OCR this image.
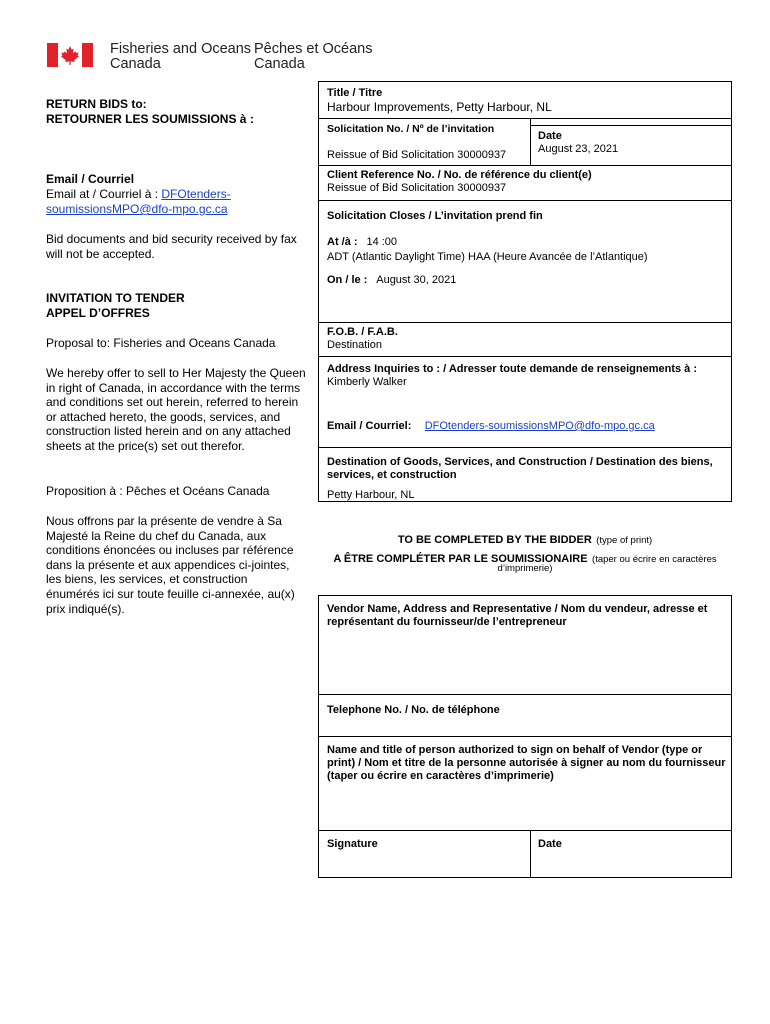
Fisheries and Oceans
Canada
Pêches et Océans
Canada
RETURN BIDS to:
RETOURNER LES SOUMISSIONS à :
Email / Courriel
Email at / Courriel à : DFOtenders-
soumissionsMPO@dfo-mpo.gc.ca
Bid documents and bid security received by fax will not be accepted.
INVITATION TO TENDER
APPEL D’OFFRES
Proposal to: Fisheries and Oceans Canada
We hereby offer to sell to Her Majesty the Queen in right of Canada, in accordance with the terms and conditions set out herein, referred to herein or attached hereto, the goods, services, and construction listed herein and on any attached sheets at the price(s) set out therefor.
Proposition à : Pêches et Océans Canada
Nous offrons par la présente de vendre à Sa Majesté la Reine du chef du Canada, aux conditions énoncées ou incluses par référence dans la présente et aux appendices ci-jointes, les biens, les services, et construction énumérés ici sur toute feuille ci-annexée, au(x) prix indiqué(s).
Title / Titre
Harbour Improvements, Petty Harbour, NL
Solicitation No. / Nº de l’invitation
Reissue of Bid Solicitation 30000937
Date
August 23, 2021
Client Reference No. / No. de référence du client(e)
Reissue of Bid Solicitation 30000937
Solicitation Closes / L’invitation prend fin
At /à : 14 :00
ADT (Atlantic Daylight Time) HAA (Heure Avancée de l’Atlantique)
On / le : August 30, 2021
F.O.B. / F.A.B.
Destination
Address Inquiries to : / Adresser toute demande de renseignements à :
Kimberly Walker
Email / Courriel: DFOtenders-soumissionsMPO@dfo-mpo.gc.ca
Destination of Goods, Services, and Construction / Destination des biens, services, et construction
Petty Harbour, NL
TO BE COMPLETED BY THE BIDDER (type of print)
A ÊTRE COMPLÉTER PAR LE SOUMISSIONAIRE (taper ou écrire en caractères
d’imprimerie)
Vendor Name, Address and Representative / Nom du vendeur, adresse et représentant du fournisseur/de l’entrepreneur
Telephone No. / No. de téléphone
Name and title of person authorized to sign on behalf of Vendor (type or print) / Nom et titre de la personne autorisée à signer au nom du fournisseur (taper ou écrire en caractères d’imprimerie)
Signature	Date
